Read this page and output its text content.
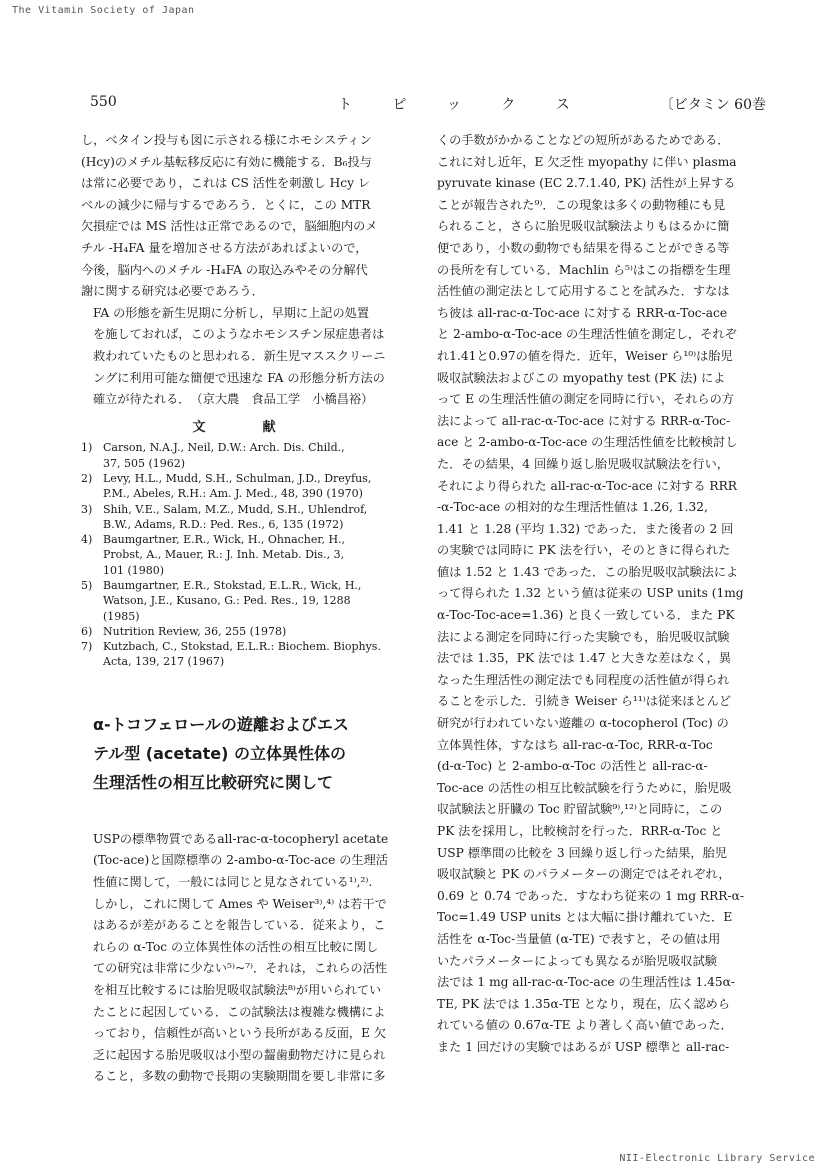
The Vitamin Society of Japan
550	ト ピ ッ ク ス	〔ビタミン 60巻

し，ベタイン投与も図に示される様にホモシスティン
(Hcy)のメチル基転移反応に有効に機能する．B₆投与
は常に必要であり，これは CS 活性を刺激し Hcy レ
ベルの減少に帰与するであろう．とくに，この MTR
欠損症では MS 活性は正常であるので，脳細胞内のメ
チル -H₄FA 量を増加させる方法があればよいので，
今後，脳内へのメチル -H₄FA の取込みやその分解代
謝に関する研究は必要であろう．

FA の形態を新生児期に分析し，早期に上記の処置
を施しておれば，このようなホモシスチン尿症患者は
救われていたものと思われる．新生児マススクリーニ
ングに利用可能な簡便で迅速な FA の形態分析方法の
確立が待たれる．　（京大農　食品工学　小橋昌裕）

文　献
1) Carson, N.A.J., Neil, D.W.: Arch. Dis. Child.,
37, 505 (1962)
2) Levy, H.L., Mudd, S.H., Schulman, J.D., Dreyfus,
P.M., Abeles, R.H.: Am. J. Med., 48, 390 (1970)
3) Shih, V.E., Salam, M.Z., Mudd, S.H., Uhlendrof,
B.W., Adams, R.D.: Ped. Res., 6, 135 (1972)
4) Baumgartner, E.R., Wick, H., Ohnacher, H.,
Probst, A., Mauer, R.: J. Inh. Metab. Dis., 3,
101 (1980)
5) Baumgartner, E.R., Stokstad, E.L.R., Wick, H.,
Watson, J.E., Kusano, G.: Ped. Res., 19, 1288
(1985)
6) Nutrition Review, 36, 255 (1978)
7) Kutzbach, C., Stokstad, E.L.R.: Biochem. Biophys.
Acta, 139, 217 (1967)
α-トコフェロールの遊離およびエス
テル型 (acetate) の立体異性体の
生理活性の相互比較研究に関して

USPの標準物質であるall-rac-α-tocopheryl acetate
(Toc-ace)と国際標準の 2-ambo-α-Toc-ace の生理活
性値に関して，一般には同じと見なされている¹⁾,²⁾.
しかし，これに関して Ames や Weiser³⁾,⁴⁾ は若干で
はあるが差があることを報告している．従来より，こ
れらの α-Toc の立体異性体の活性の相互比較に関し
ての研究は非常に少ない⁵⁾~⁷⁾．それは，これらの活性
を相互比較するには胎児吸収試験法⁸⁾が用いられてい
たことに起因している．この試験法は複雑な機構によ
っており，信頼性が高いという長所がある反面，E 欠
乏に起因する胎児吸収は小型の齧歯動物だけに見られ
ること，多数の動物で長期の実験期間を要し非常に多

くの手数がかかることなどの短所があるためである．
これに対し近年，E 欠乏性 myopathy に伴い plasma
pyruvate kinase (EC 2.7.1.40, PK) 活性が上昇する
ことが報告された⁹⁾．この現象は多くの動物種にも見
られること，さらに胎児吸収試験法よりもはるかに簡
便であり，小数の動物でも結果を得ることができる等
の長所を有している．Machlin ら⁵⁾はこの指標を生理
活性値の測定法として応用することを試みた．すなは
ち彼は all-rac-α-Toc-ace に対する RRR-α-Toc-ace
と 2-ambo-α-Toc-ace の生理活性値を測定し，それぞ
れ1.41と0.97の値を得た．近年，Weiser ら¹⁰⁾は胎児
吸収試験法およびこの myopathy test (PK 法) によ
って E の生理活性値の測定を同時に行い，それらの方
法によって all-rac-α-Toc-ace に対する RRR-α-Toc-
ace と 2-ambo-α-Toc-ace の生理活性値を比較検討し
た．その結果，4 回繰り返し胎児吸収試験法を行い，
それにより得られた all-rac-α-Toc-ace に対する RRR
-α-Toc-ace の相対的な生理活性値は 1.26, 1.32,
1.41 と 1.28 (平均 1.32) であった．また後者の 2 回
の実験では同時に PK 法を行い，そのときに得られた
値は 1.52 と 1.43 であった．この胎児吸収試験法によ
って得られた 1.32 という値は従来の USP units (1mg
α-Toc-Toc-ace=1.36) と良く一致している．また PK
法による測定を同時に行った実験でも，胎児吸収試験
法では 1.35，PK 法では 1.47 と大きな差はなく，異
なった生理活性の測定法でも同程度の活性値が得られ
ることを示した．引続き Weiser ら¹¹⁾は従来ほとんど
研究が行われていない遊離の α-tocopherol (Toc) の
立体異性体，すなはち all-rac-α-Toc, RRR-α-Toc
(d-α-Toc) と 2-ambo-α-Toc の活性と all-rac-α-
Toc-ace の活性の相互比較試験を行うために，胎児吸
収試験法と肝臓の Toc 貯留試験⁹⁾,¹²⁾と同時に，この
PK 法を採用し，比較検討を行った．RRR-α-Toc と
USP 標準間の比較を 3 回繰り返し行った結果，胎児
吸収試験と PK のパラメーターの測定ではそれぞれ，
0.69 と 0.74 であった．すなわち従来の 1 mg RRR-α-
Toc=1.49 USP units とは大幅に掛け離れていた．E
活性を α-Toc-当量値 (α-TE) で表すと，その値は用
いたパラメーターによっても異なるが胎児吸収試験
法では 1 mg all-rac-α-Toc-ace の生理活性は 1.45α-
TE, PK 法では 1.35α-TE となり，現在，広く認めら
れている値の 0.67α-TE より著しく高い値であった．
また 1 回だけの実験ではあるが USP 標準と all-rac-

NII-Electronic Library Service
